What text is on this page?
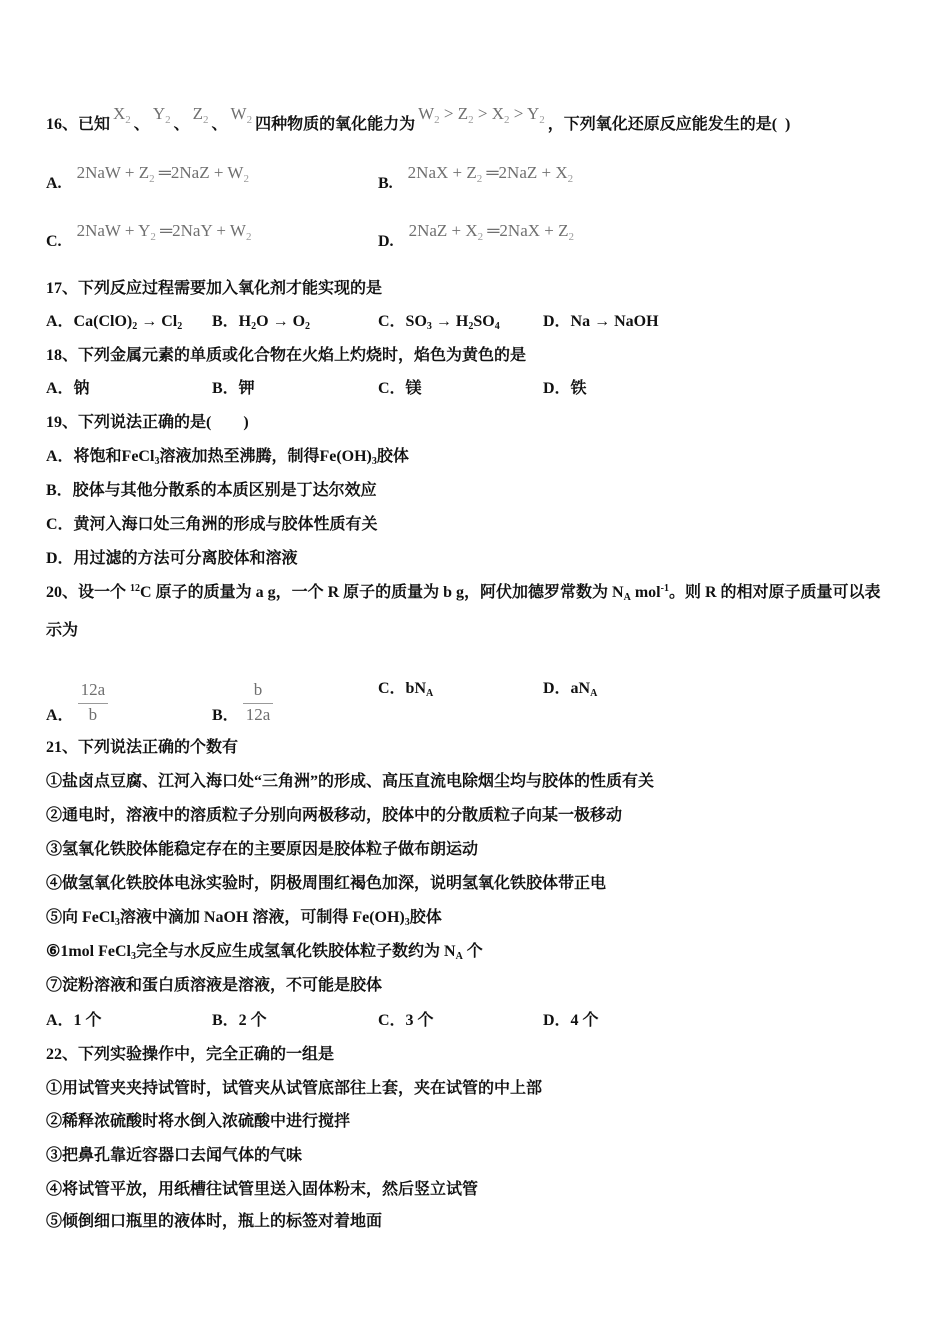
16、已知$X_2$ 、$Y_2$ 、$Z_2$ 、$W_2$ 四种物质的氧化能力为$W_2 > Z_2 > X_2 > Y_2$ ，下列氧化还原反应能发生的是(  )
$A.2NaW + Z_2$ ═2NaZ + $W_2$	$B.2NaX + Z_2$ ═2NaZ + $X_2$
$C.2NaW + Y_2$ ═2NaY + $W_2$	$D.2NaZ + X_2$ ═2NaX + $Z_2$
17、下列反应过程需要加入氧化剂才能实现的是
A．$Ca(ClO)_2 \to Cl_2$ B．$H_2O \to O_2$	C．$SO_3 \to H_2SO_4$	D．Na → NaOH
18、下列金属元素的单质或化合物在火焰上灼烧时，焰色为黄色的是
A．钠	B．钾	C．镁	D．铁
19、下列说法正确的是(　　)
A．将饱和FeCl$_3$溶液加热至沸腾，制得$Fe(OH)_3$胶体
B．胶体与其他分散系的本质区别是丁达尔效应
C．黄河入海口处三角洲的形成与胶体性质有关
D．用过滤的方法可分离胶体和溶液
20、设一个 $^{12}$C 原子的质量为 a g，一个 R 原子的质量为 b g，阿伏加德罗常数为 $N_A$ mol$^{-1}$。则 R 的相对原子质量可以表
示为
A． $\frac{12a}{b}$	B． $\frac{b}{12a}$	C．$bN_A$	D．$aN_A$
21、下列说法正确的个数有
①盐卤点豆腐、江河入海口处“三角洲”的形成、高压直流电除烟尘均与胶体的性质有关
②通电时，溶液中的溶质粒子分别向两极移动，胶体中的分散质粒子向某一极移动
③氢氧化铁胶体能稳定存在的主要原因是胶体粒子做布朗运动
④做氢氧化铁胶体电泳实验时，阴极周围红褐色加深，说明氢氧化铁胶体带正电
⑤向 FeCl$_3$溶液中滴加 NaOH 溶液，可制得 $Fe(OH)_3$胶体
⑥1mol FeCl$_3$完全与水反应生成氢氧化铁胶体粒子数约为 $N_A$ 个
⑦淀粉溶液和蛋白质溶液是溶液，不可能是胶体
A．1 个	B．2 个	C．3 个	D．4 个
22、下列实验操作中，完全正确的一组是
①用试管夹夹持试管时，试管夹从试管底部往上套，夹在试管的中上部
②稀释浓硫酸时将水倒入浓硫酸中进行搅拌
③把鼻孔靠近容器口去闻气体的气味
④将试管平放，用纸槽往试管里送入固体粉末，然后竖立试管
⑤倾倒细口瓶里的液体时，瓶上的标签对着地面
